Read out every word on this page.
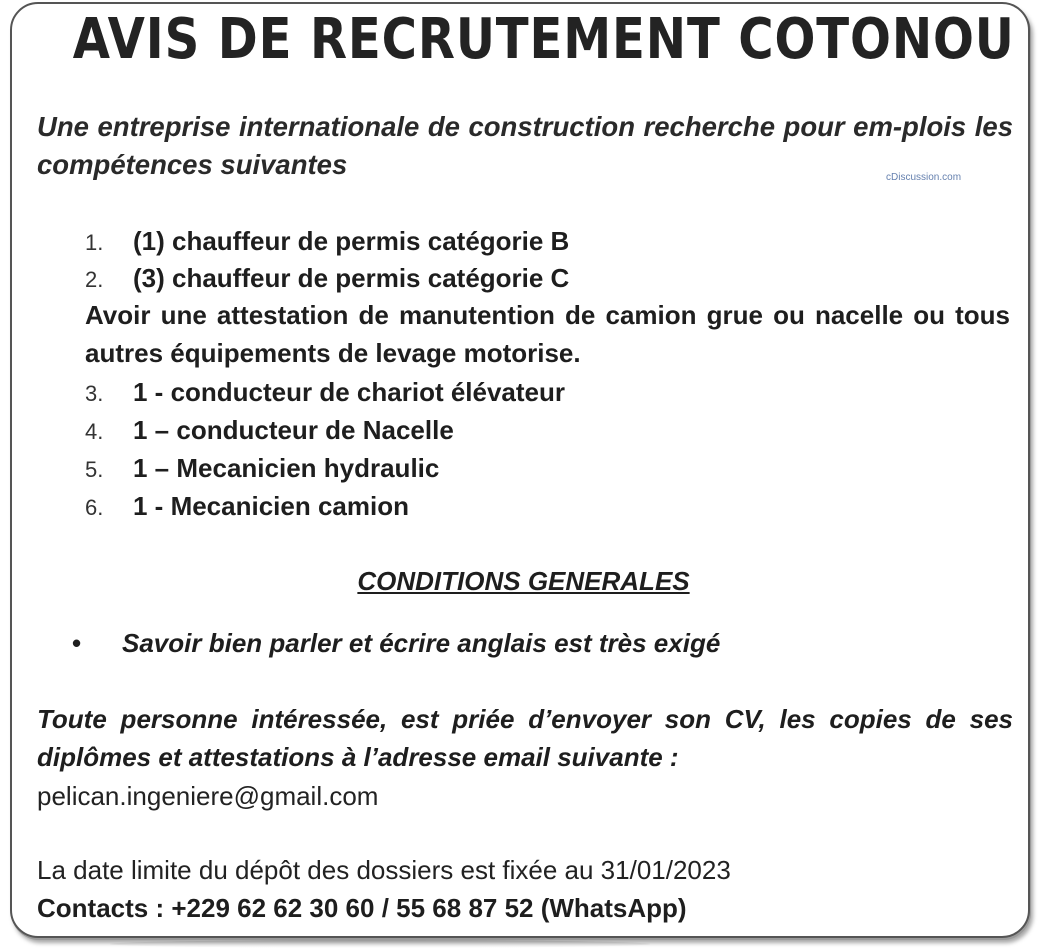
AVIS DE RECRUTEMENT COTONOU
Une entreprise internationale de construction recherche pour em-plois les compétences suivantes	cDiscussion.com
1. (1) chauffeur de permis catégorie B
2. (3) chauffeur de permis catégorie C
Avoir une attestation de manutention de camion grue ou nacelle ou tous autres équipements de levage motorise.
3. 1 - conducteur de chariot élévateur
4. 1 – conducteur de Nacelle
5. 1 – Mecanicien hydraulic
6. 1 - Mecanicien camion
CONDITIONS GENERALES
• Savoir bien parler et écrire anglais est très exigé
Toute personne intéressée, est priée d’envoyer son CV, les copies de ses diplômes et attestations à l’adresse email suivante :
pelican.ingeniere@gmail.com
La date limite du dépôt des dossiers est fixée au 31/01/2023
Contacts : +229 62 62 30 60 / 55 68 87 52 (WhatsApp)
